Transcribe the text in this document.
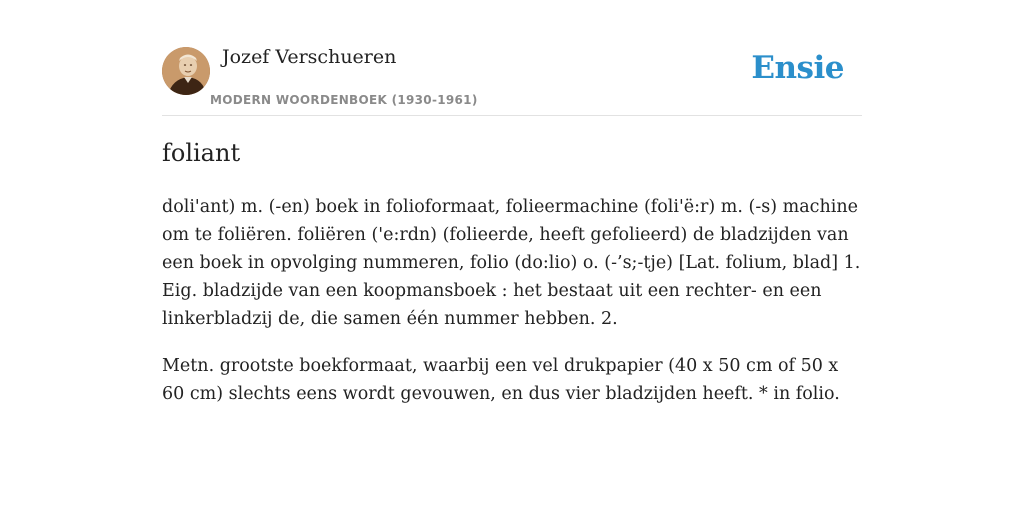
Jozef Verschueren
MODERN WOORDENBOEK (1930-1961)
Ensie
foliant

doli'ant) m. (-en) boek in folioformaat, folieermachine (foli'ë:r) m. (-s) machine om te foliëren. foliëren ('e:rdn) (folieerde, heeft gefolieerd) de bladzijden van een boek in opvolging nummeren, folio (do:lio) o. (-’s;-tje) [Lat. folium, blad] 1. Eig. bladzijde van een koopmansboek : het bestaat uit een rechter- en een linkerbladzij de, die samen één nummer hebben. 2.

Metn. grootste boekformaat, waarbij een vel drukpapier (40 x 50 cm of 50 x 60 cm) slechts eens wordt gevouwen, en dus vier bladzijden heeft. * in folio.
